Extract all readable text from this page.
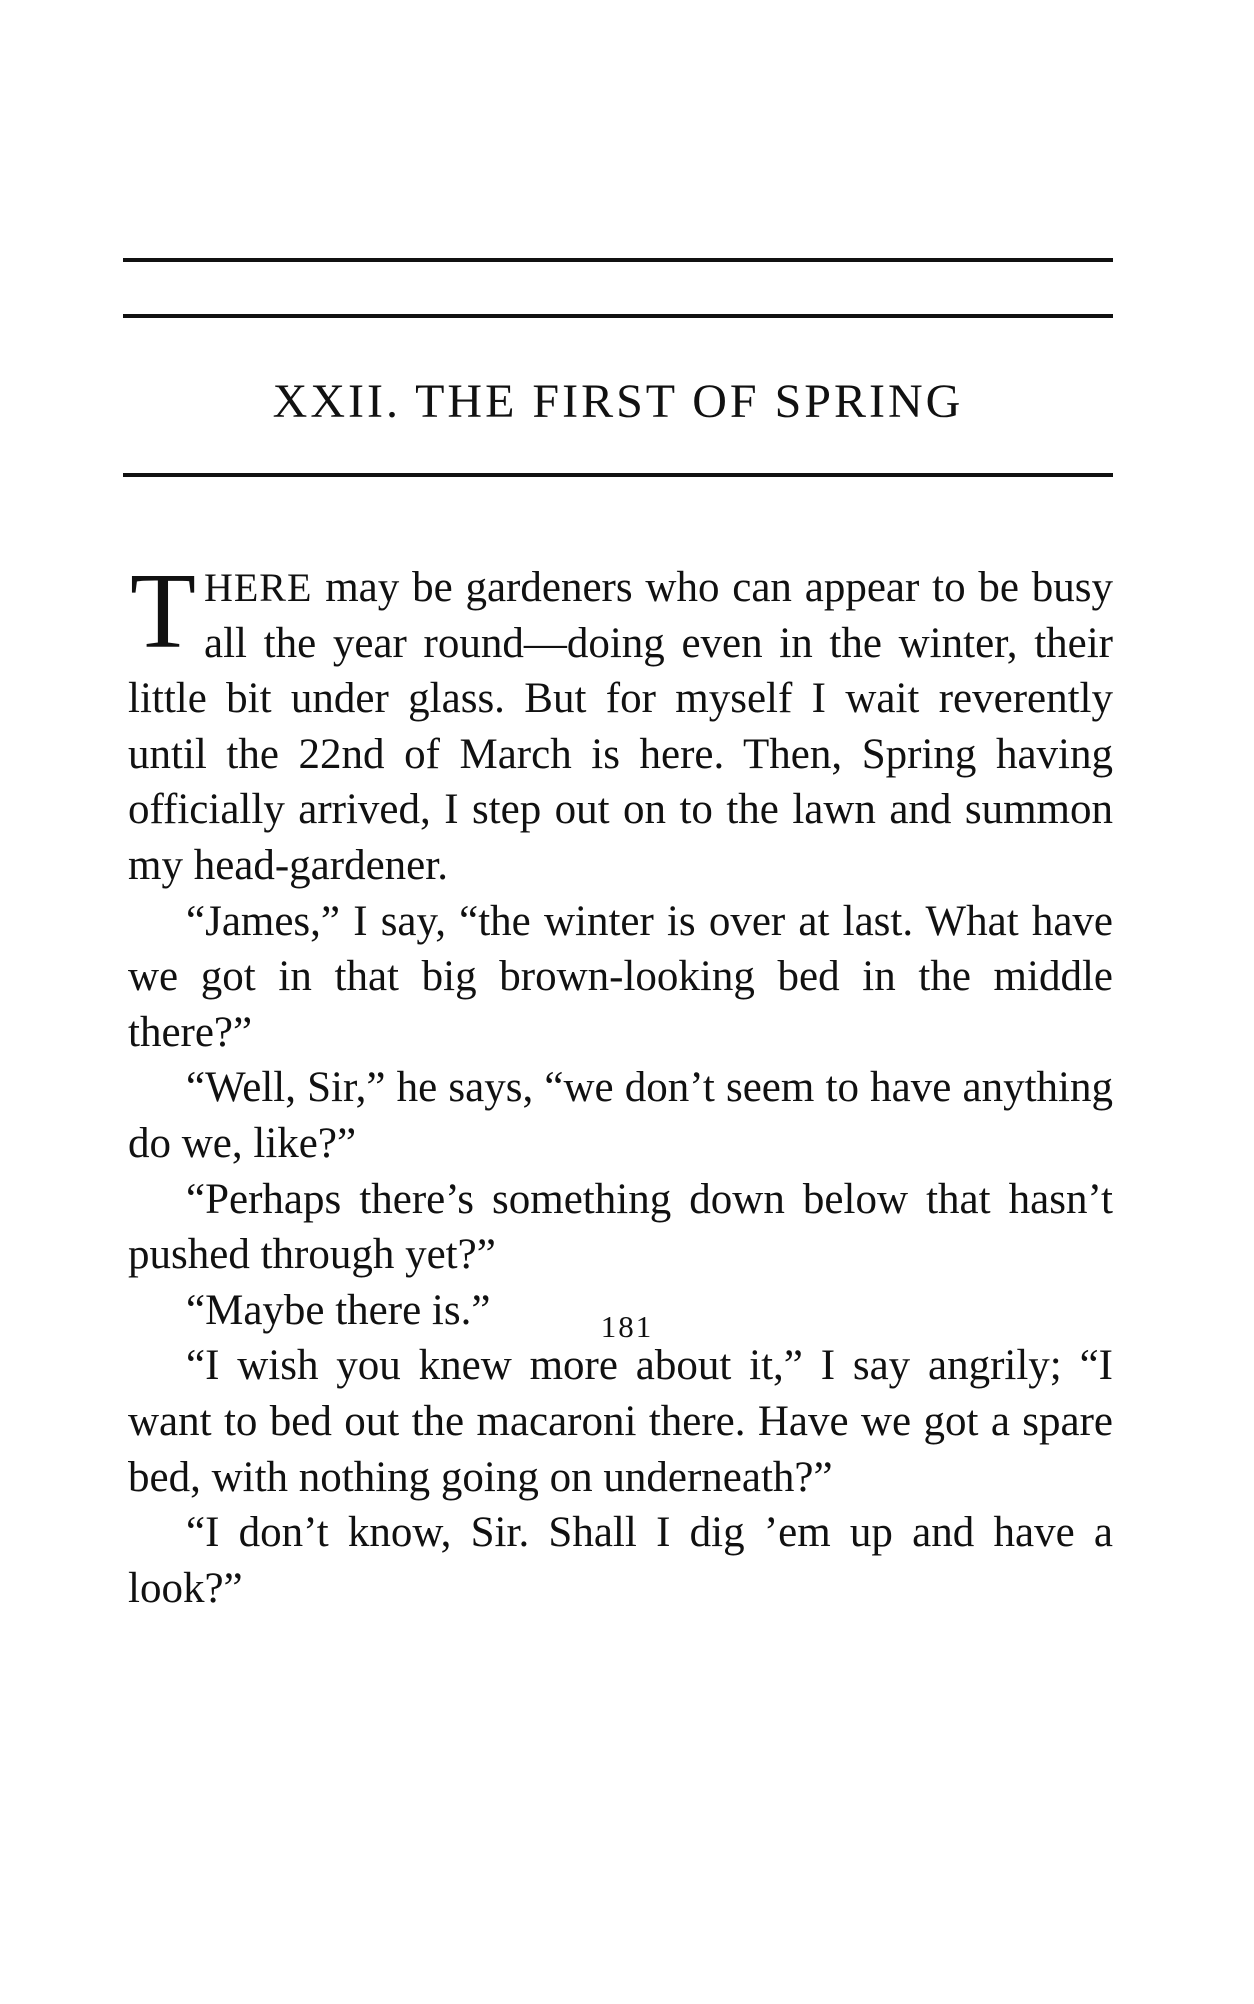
XXII. THE FIRST OF SPRING

THERE may be gardeners who can appear to be busy all the year round—doing even in the winter, their little bit under glass. But for myself I wait reverently until the 22nd of March is here. Then, Spring having officially arrived, I step out on to the lawn and summon my head-gardener.

“James,” I say, “the winter is over at last. What have we got in that big brown-looking bed in the middle there?”

“Well, Sir,” he says, “we don’t seem to have anything do we, like?”

“Perhaps there’s something down below that hasn’t pushed through yet?”

“Maybe there is.”

“I wish you knew more about it,” I say angrily; “I want to bed out the macaroni there. Have we got a spare bed, with nothing going on underneath?”

“I don’t know, Sir. Shall I dig ’em up and have a look?”

181
